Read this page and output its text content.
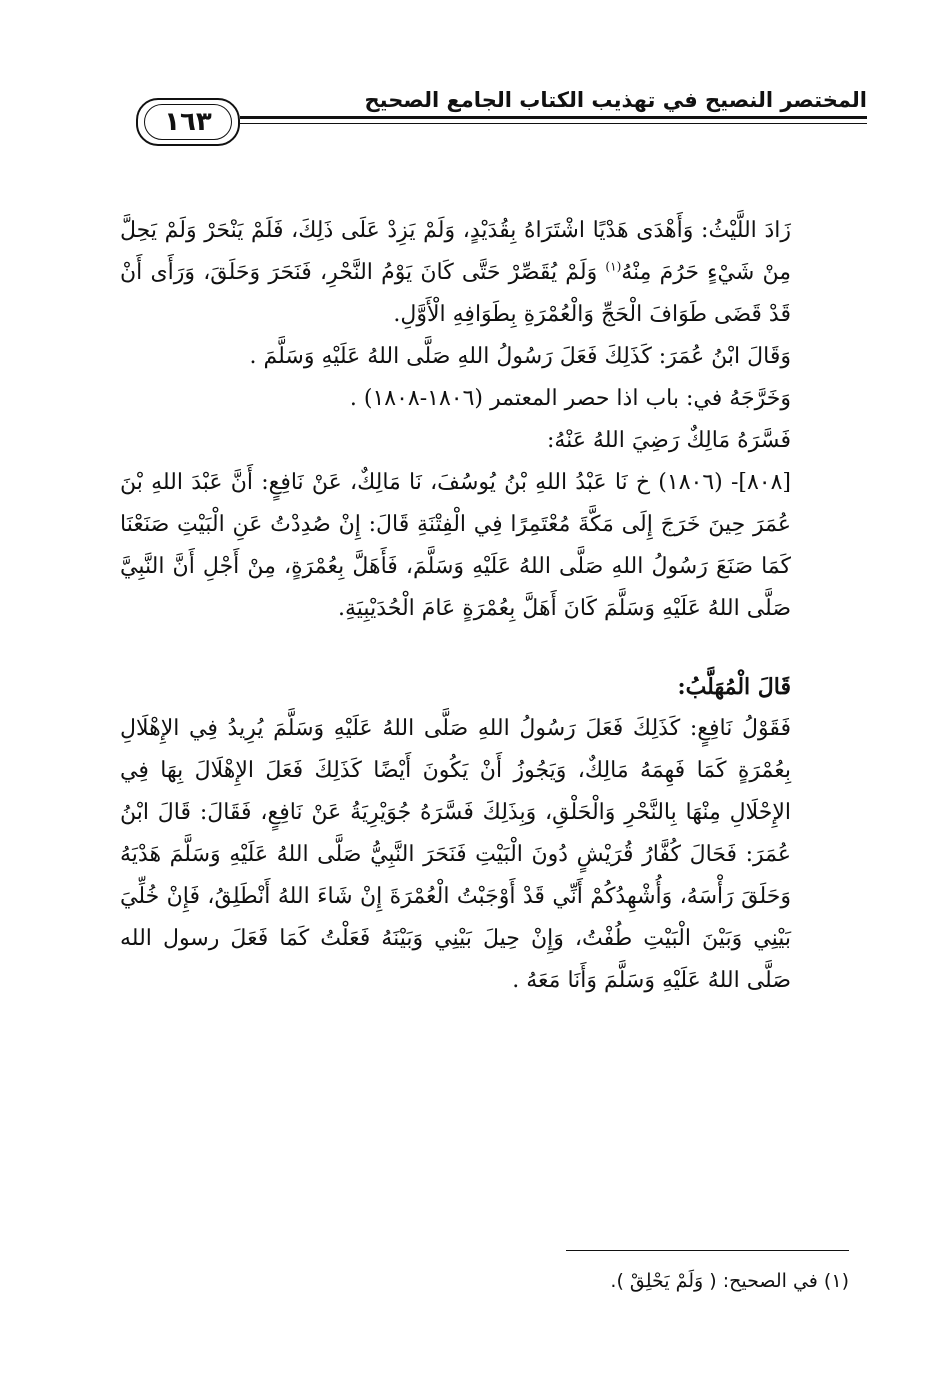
المختصر النصيح في تهذيب الكتاب الجامع الصحيح
١٦٣

زَادَ اللَّيْثُ: وَأَهْدَى هَدْيًا اشْتَرَاهُ بِقُدَيْدٍ، وَلَمْ يَزِدْ عَلَى ذَلِكَ، فَلَمْ يَنْحَرْ وَلَمْ يَحِلَّ مِنْ شَيْءٍ حَرُمَ مِنْهُ$^{(١)}$ وَلَمْ يُقَصِّرْ حَتَّى كَانَ يَوْمُ النَّحْرِ، فَنَحَرَ وَحَلَقَ، وَرَأَى أَنْ قَدْ قَضَى طَوَافَ الْحَجِّ وَالْعُمْرَةِ بِطَوَافِهِ الْأَوَّلِ.

وَقَالَ ابْنُ عُمَرَ: كَذَلِكَ فَعَلَ رَسُولُ اللهِ صَلَّى اللهُ عَلَيْهِ وَسَلَّمَ .

وَخَرَّجَهُ في: باب اذا حصر المعتمر (١٨٠٦-١٨٠٨) .

فَسَّرَهُ مَالِكٌ رَضِيَ اللهُ عَنْهُ:

[٨٠٨]- (١٨٠٦) خ نَا عَبْدُ اللهِ بْنُ يُوسُفَ، نَا مَالِكٌ، عَنْ نَافِعٍ: أَنَّ عَبْدَ اللهِ بْنَ عُمَرَ حِينَ خَرَجَ إِلَى مَكَّةَ مُعْتَمِرًا فِي الْفِتْنَةِ قَالَ: إِنْ صُدِدْتُ عَنِ الْبَيْتِ صَنَعْنَا كَمَا صَنَعَ رَسُولُ اللهِ صَلَّى اللهُ عَلَيْهِ وَسَلَّمَ، فَأَهَلَّ بِعُمْرَةٍ، مِنْ أَجْلِ أَنَّ النَّبِيَّ صَلَّى اللهُ عَلَيْهِ وَسَلَّمَ كَانَ أَهَلَّ بِعُمْرَةٍ عَامَ الْحُدَيْبِيَةِ.

قَالَ الْمُهَلَّبُ:

فَقَوْلُ نَافِعٍ: كَذَلِكَ فَعَلَ رَسُولُ اللهِ صَلَّى اللهُ عَلَيْهِ وَسَلَّمَ يُرِيدُ فِي الإِهْلَالِ بِعُمْرَةٍ كَمَا فَهِمَهُ مَالِكٌ، وَيَجُوزُ أَنْ يَكُونَ أَيْضًا كَذَلِكَ فَعَلَ الإِهْلَالَ بِهَا فِي الإِحْلَالِ مِنْهَا بِالنَّحْرِ وَالْحَلْقِ، وَبِذَلِكَ فَسَّرَهُ جُوَيْرِيَةُ عَنْ نَافِعٍ، فَقَالَ: قَالَ ابْنُ عُمَرَ: فَحَالَ كُفَّارُ قُرَيْشٍ دُونَ الْبَيْتِ فَنَحَرَ النَّبِيُّ صَلَّى اللهُ عَلَيْهِ وَسَلَّمَ هَدْيَهُ وَحَلَقَ رَأْسَهُ، وَأُشْهِدُكُمْ أَنِّي قَدْ أَوْجَبْتُ الْعُمْرَةَ إِنْ شَاءَ اللهُ أَنْطَلِقُ، فَإِنْ خُلِّيَ بَيْنِي وَبَيْنَ الْبَيْتِ طُفْتُ، وَإِنْ حِيلَ بَيْنِي وَبَيْنَهُ فَعَلْتُ كَمَا فَعَلَ رسول الله صَلَّى اللهُ عَلَيْهِ وَسَلَّمَ وَأَنَا مَعَهُ .

(١) في الصحيح: ( وَلَمْ يَحْلِقْ ).
